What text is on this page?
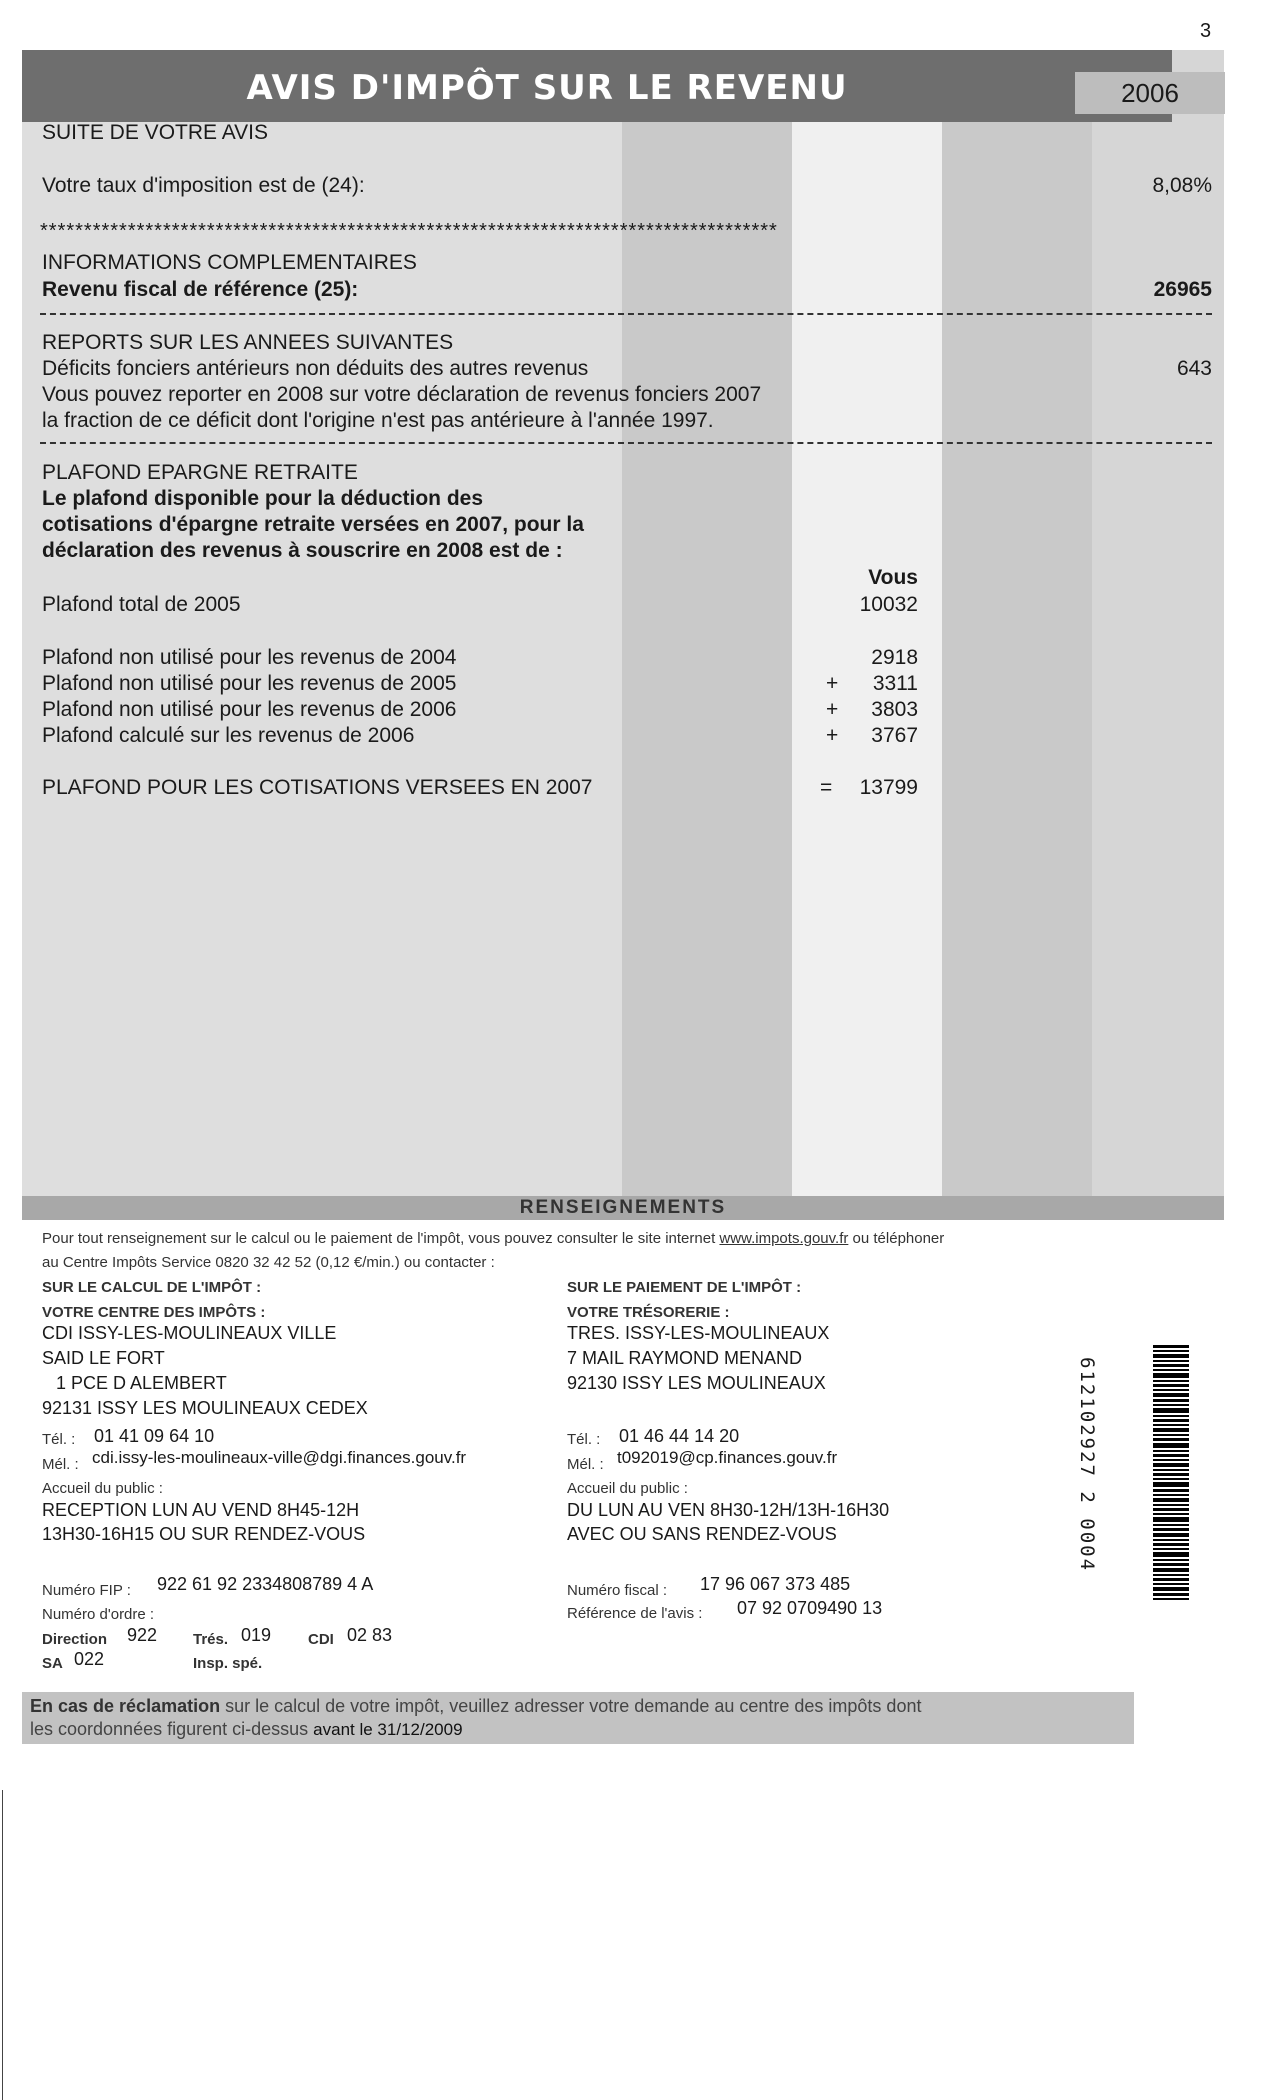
3
AVIS D'IMPÔT SUR LE REVENU	2006
SUITE DE VOTRE AVIS
Votre taux d'imposition est de (24):	8,08%
************************************************************************************
INFORMATIONS COMPLEMENTAIRES
Revenu fiscal de référence (25):	26965
REPORTS SUR LES ANNEES SUIVANTES
Déficits fonciers antérieurs non déduits des autres revenus	643
Vous pouvez reporter en 2008 sur votre déclaration de revenus fonciers 2007
la fraction de ce déficit dont l'origine n'est pas antérieure à l'année 1997.
PLAFOND EPARGNE RETRAITE
Le plafond disponible pour la déduction des
cotisations d'épargne retraite versées en 2007, pour la
déclaration des revenus à souscrire en 2008 est de :
Vous
Plafond total de 2005	10032
Plafond non utilisé pour les revenus de 2004	2918
Plafond non utilisé pour les revenus de 2005	+	3311
Plafond non utilisé pour les revenus de 2006	+	3803
Plafond calculé sur les revenus de 2006	+	3767
PLAFOND POUR LES COTISATIONS VERSEES EN 2007	=	13799
RENSEIGNEMENTS
Pour tout renseignement sur le calcul ou le paiement de l'impôt, vous pouvez consulter le site internet www.impots.gouv.fr ou téléphoner
au Centre Impôts Service 0820 32 42 52 (0,12 €/min.) ou contacter :
SUR LE CALCUL DE L'IMPÔT :
VOTRE CENTRE DES IMPÔTS :
CDI ISSY-LES-MOULINEAUX VILLE
SAID LE FORT
1 PCE D ALEMBERT
92131 ISSY LES MOULINEAUX CEDEX
Tél. : 01 41 09 64 10
Mél. : cdi.issy-les-moulineaux-ville@dgi.finances.gouv.fr
Accueil du public :
RECEPTION LUN AU VEND 8H45-12H
13H30-16H15 OU SUR RENDEZ-VOUS
Numéro FIP : 922 61 92 2334808789 4 A
Numéro d'ordre :
Direction 922 Trés. 019 CDI 02 83
SA 022	Insp. spé.
SUR LE PAIEMENT DE L'IMPÔT :
VOTRE TRÉSORERIE :
TRES. ISSY-LES-MOULINEAUX
7 MAIL RAYMOND MENAND
92130 ISSY LES MOULINEAUX
Tél. : 01 46 44 14 20
Mél. : t092019@cp.finances.gouv.fr
Accueil du public :
DU LUN AU VEN 8H30-12H/13H-16H30
AVEC OU SANS RENDEZ-VOUS
Numéro fiscal : 17 96 067 373 485
Référence de l'avis : 07 92 0709490 13
612102927 2 0004
En cas de réclamation sur le calcul de votre impôt, veuillez adresser votre demande au centre des impôts dont
les coordonnées figurent ci-dessus avant le 31/12/2009
